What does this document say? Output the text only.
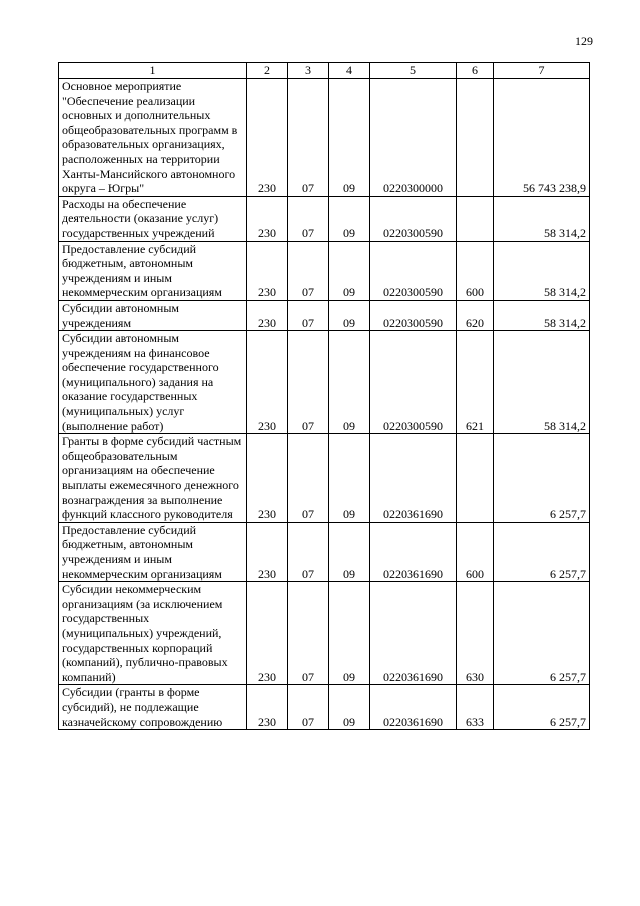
129
1	2	3	4	5	6	7
Основное мероприятие "Обеспечение реализации основных и дополнительных общеобразовательных программ в образовательных организациях, расположенных на территории Ханты-Мансийского автономного округа – Югры"	230	07	09	0220300000		56 743 238,9
Расходы на обеспечение деятельности (оказание услуг) государственных учреждений	230	07	09	0220300590		58 314,2
Предоставление субсидий бюджетным, автономным учреждениям и иным некоммерческим организациям	230	07	09	0220300590	600	58 314,2
Субсидии автономным учреждениям	230	07	09	0220300590	620	58 314,2
Субсидии автономным учреждениям на финансовое обеспечение государственного (муниципального) задания на оказание государственных (муниципальных) услуг (выполнение работ)	230	07	09	0220300590	621	58 314,2
Гранты в форме субсидий частным общеобразовательным организациям на обеспечение выплаты ежемесячного денежного вознаграждения за выполнение функций классного руководителя	230	07	09	0220361690		6 257,7
Предоставление субсидий бюджетным, автономным учреждениям и иным некоммерческим организациям	230	07	09	0220361690	600	6 257,7
Субсидии некоммерческим организациям (за исключением государственных (муниципальных) учреждений, государственных корпораций (компаний), публично-правовых компаний)	230	07	09	0220361690	630	6 257,7
Субсидии (гранты в форме субсидий), не подлежащие казначейскому сопровождению	230	07	09	0220361690	633	6 257,7
